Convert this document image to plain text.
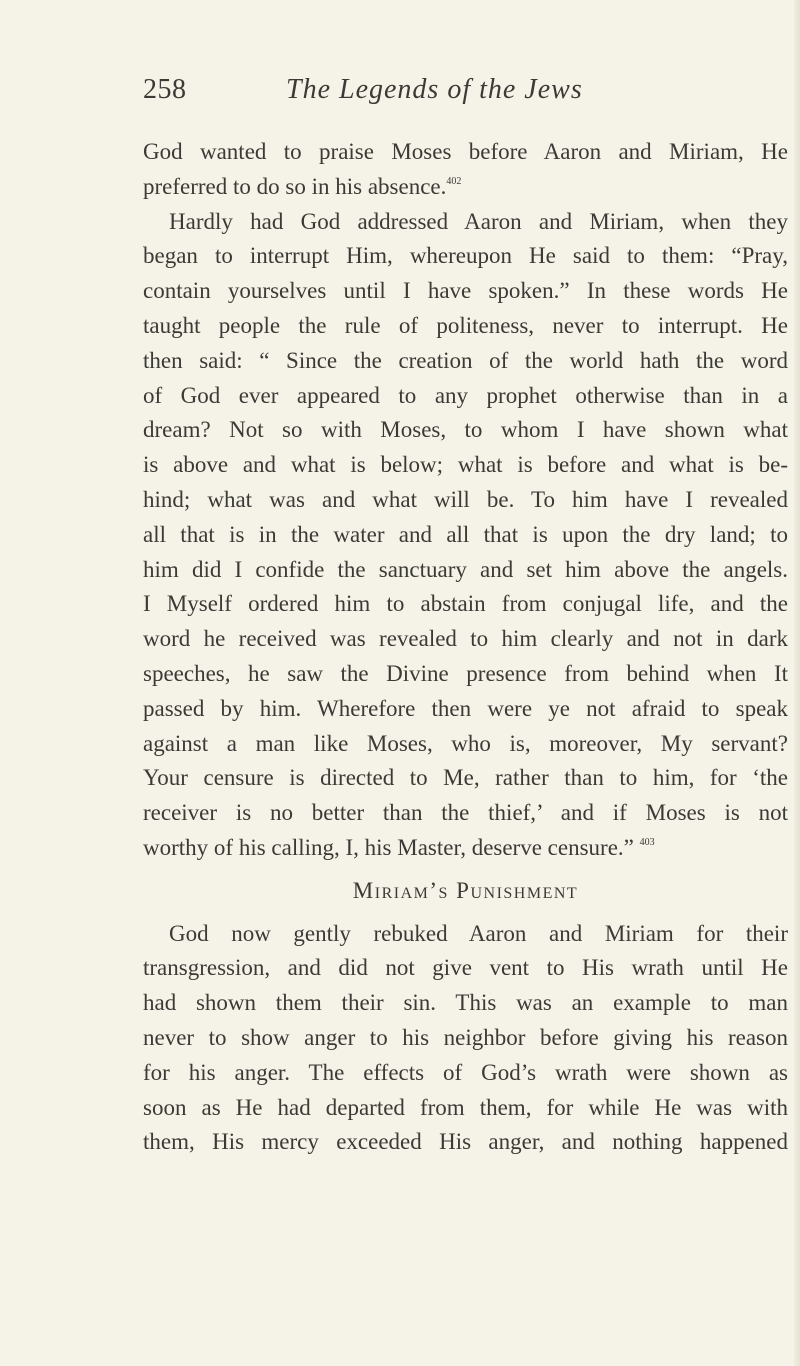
258	The Legends of the Jews
God wanted to praise Moses before Aaron and Miriam, He
preferred to do so in his absence.$^{402}$
Hardly had God addressed Aaron and Miriam, when they
began to interrupt Him, whereupon He said to them: “Pray,
contain yourselves until I have spoken.” In these words He
taught people the rule of politeness, never to interrupt. He
then said: “ Since the creation of the world hath the word
of God ever appeared to any prophet otherwise than in a
dream? Not so with Moses, to whom I have shown what
is above and what is below; what is before and what is be-
hind; what was and what will be. To him have I revealed
all that is in the water and all that is upon the dry land; to
him did I confide the sanctuary and set him above the angels.
I Myself ordered him to abstain from conjugal life, and the
word he received was revealed to him clearly and not in dark
speeches, he saw the Divine presence from behind when It
passed by him. Wherefore then were ye not afraid to speak
against a man like Moses, who is, moreover, My servant?
Your censure is directed to Me, rather than to him, for ‘the
receiver is no better than the thief,’ and if Moses is not
worthy of his calling, I, his Master, deserve censure.” $^{403}$
Miriam’s Punishment
God now gently rebuked Aaron and Miriam for their
transgression, and did not give vent to His wrath until He
had shown them their sin. This was an example to man
never to show anger to his neighbor before giving his reason
for his anger. The effects of God’s wrath were shown as
soon as He had departed from them, for while He was with
them, His mercy exceeded His anger, and nothing happened
